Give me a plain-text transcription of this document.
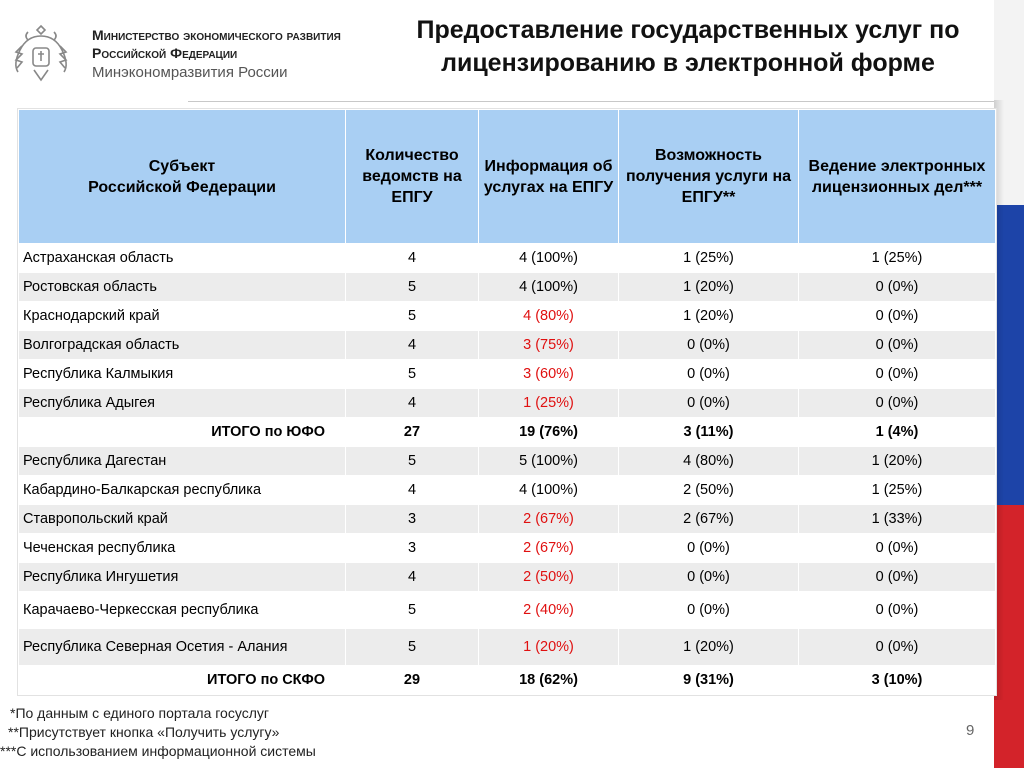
Министерство экономического развития
Российской Федерации
Минэкономразвития России
Предоставление государственных услуг по
лицензированию в электронной форме
Субъект
Российской Федерации	Количество ведомств на ЕПГУ	Информация об услугах на ЕПГУ	Возможность получения услуги на ЕПГУ**	Ведение электронных лицензионных дел***
Астраханская область	4	4 (100%)	1 (25%)	1 (25%)
Ростовская область	5	4 (100%)	1 (20%)	0 (0%)
Краснодарский край	5	4 (80%)	1 (20%)	0 (0%)
Волгоградская область	4	3 (75%)	0 (0%)	0 (0%)
Республика Калмыкия	5	3 (60%)	0 (0%)	0 (0%)
Республика Адыгея	4	1 (25%)	0 (0%)	0 (0%)
ИТОГО по ЮФО	27	19 (76%)	3 (11%)	1 (4%)
Республика Дагестан	5	5 (100%)	4 (80%)	1 (20%)
Кабардино-Балкарская республика	4	4 (100%)	2 (50%)	1 (25%)
Ставропольский край	3	2 (67%)	2 (67%)	1 (33%)
Чеченская республика	3	2 (67%)	0 (0%)	0 (0%)
Республика Ингушетия	4	2 (50%)	0 (0%)	0 (0%)
Карачаево-Черкесская республика	5	2 (40%)	0 (0%)	0 (0%)
Республика Северная Осетия - Алания	5	1 (20%)	1 (20%)	0 (0%)
ИТОГО по СКФО	29	18 (62%)	9 (31%)	3 (10%)
*По данным с единого портала госуслуг
**Присутствует кнопка «Получить услугу»
***С использованием информационной системы
9
